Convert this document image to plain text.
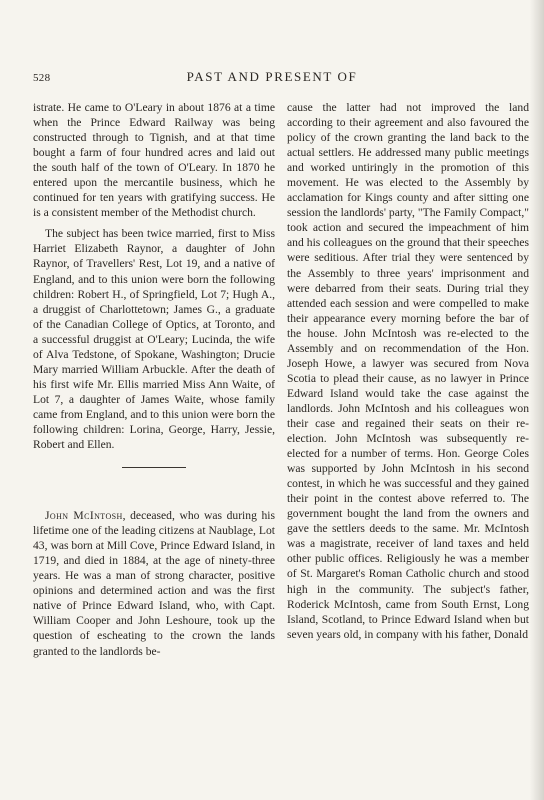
528	PAST AND PRESENT OF

istrate. He came to O'Leary in about 1876 at a time when the Prince Edward Railway was being constructed through to Tignish, and at that time bought a farm of four hundred acres and laid out the south half of the town of O'Leary. In 1870 he entered upon the mercantile business, which he continued for ten years with gratifying success. He is a consistent member of the Methodist church.

The subject has been twice married, first to Miss Harriet Elizabeth Raynor, a daughter of John Raynor, of Travellers' Rest, Lot 19, and a native of England, and to this union were born the following children: Robert H., of Springfield, Lot 7; Hugh A., a druggist of Charlottetown; James G., a graduate of the Canadian College of Optics, at Toronto, and a successful druggist at O'Leary; Lucinda, the wife of Alva Tedstone, of Spokane, Washington; Drucie Mary married William Arbuckle. After the death of his first wife Mr. Ellis married Miss Ann Waite, of Lot 7, a daughter of James Waite, whose family came from England, and to this union were born the following children: Lorina, George, Harry, Jessie, Robert and Ellen.

John McIntosh, deceased, who was during his lifetime one of the leading citizens at Naublage, Lot 43, was born at Mill Cove, Prince Edward Island, in 1719, and died in 1884, at the age of ninety-three years. He was a man of strong character, positive opinions and determined action and was the first native of Prince Edward Island, who, with Capt. William Cooper and John Leshoure, took up the question of escheating to the crown the lands granted to the landlords be-

cause the latter had not improved the land according to their agreement and also favoured the policy of the crown granting the land back to the actual settlers. He addressed many public meetings and worked untiringly in the promotion of this movement. He was elected to the Assembly by acclamation for Kings county and after sitting one session the landlords' party, "The Family Compact," took action and secured the impeachment of him and his colleagues on the ground that their speeches were seditious. After trial they were sentenced by the Assembly to three years' imprisonment and were debarred from their seats. During trial they attended each session and were compelled to make their appearance every morning before the bar of the house. John McIntosh was re-elected to the Assembly and on recommendation of the Hon. Joseph Howe, a lawyer was secured from Nova Scotia to plead their cause, as no lawyer in Prince Edward Island would take the case against the landlords. John McIntosh and his colleagues won their case and regained their seats on their re-election. John McIntosh was subsequently re-elected for a number of terms. Hon. George Coles was supported by John McIntosh in his second contest, in which he was successful and they gained their point in the contest above referred to. The government bought the land from the owners and gave the settlers deeds to the same. Mr. McIntosh was a magistrate, receiver of land taxes and held other public offices. Religiously he was a member of St. Margaret's Roman Catholic church and stood high in the community. The subject's father, Roderick McIntosh, came from South Ernst, Long Island, Scotland, to Prince Edward Island when but seven years old, in company with his father, Donald
